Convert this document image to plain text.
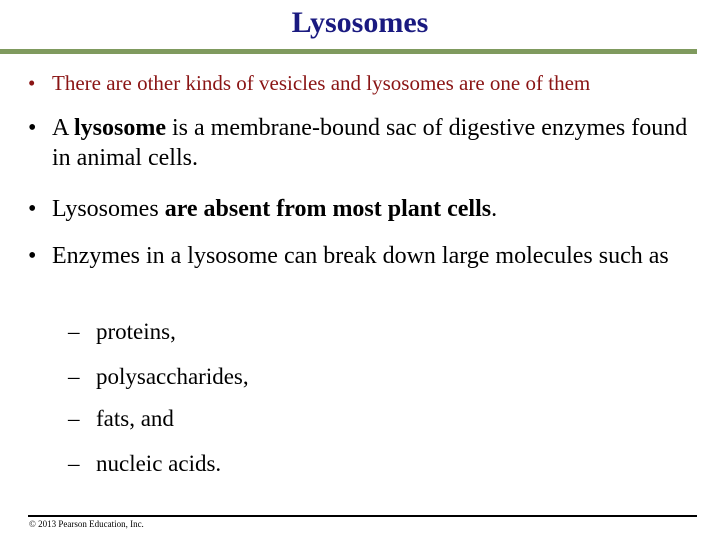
Lysosomes
• There are other kinds of vesicles and lysosomes are one of them
• A lysosome is a membrane-bound sac of digestive enzymes found in animal cells.
• Lysosomes are absent from most plant cells.
• Enzymes in a lysosome can break down large molecules such as
– proteins,
– polysaccharides,
– fats, and
– nucleic acids.
© 2013 Pearson Education, Inc.
